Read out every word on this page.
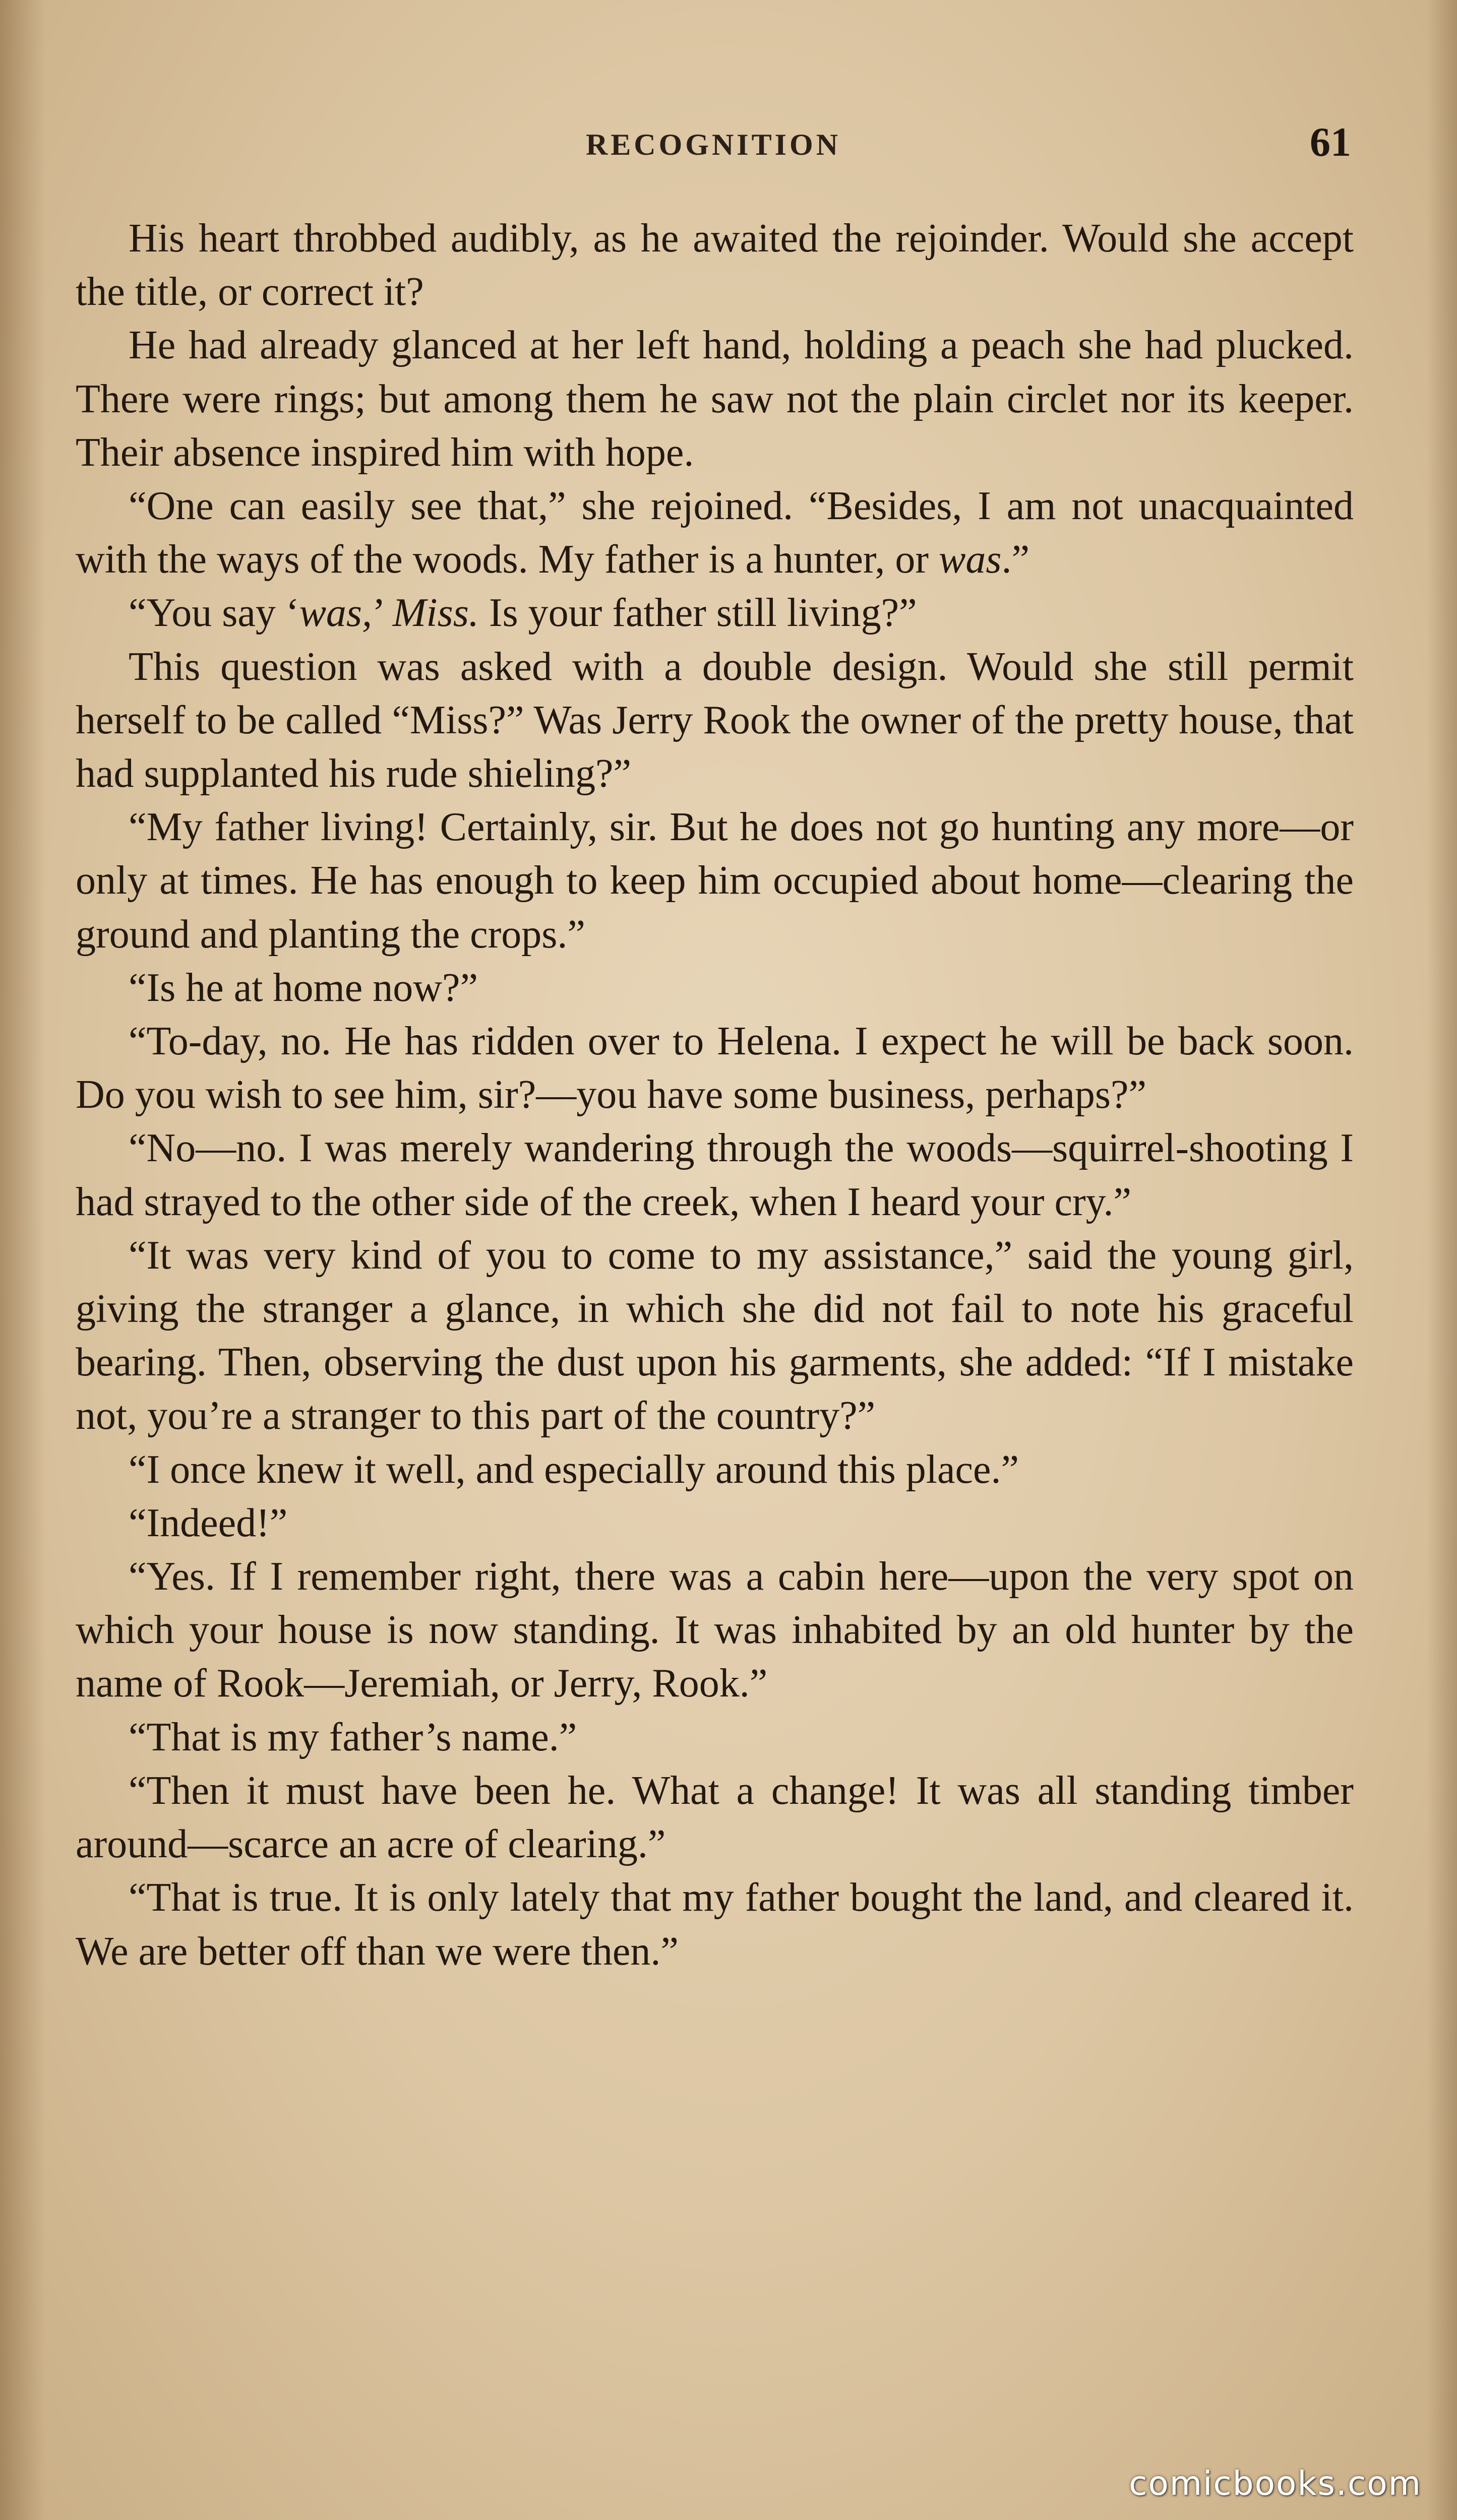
RECOGNITION	61

His heart throbbed audibly, as he awaited the rejoinder. Would she accept the title, or correct it?

He had already glanced at her left hand, holding a peach she had plucked. There were rings; but among them he saw not the plain circlet nor its keeper. Their absence inspired him with hope.

“One can easily see that,” she rejoined. “Besides, I am not unacquainted with the ways of the woods. My father is a hunter, or was.”

“You say ‘was,’ Miss. Is your father still living?”

This question was asked with a double design. Would she still permit herself to be called “Miss?” Was Jerry Rook the owner of the pretty house, that had supplanted his rude shieling?”

“My father living! Certainly, sir. But he does not go hunting any more—or only at times. He has enough to keep him occupied about home—clearing the ground and planting the crops.”

“Is he at home now?”

“To-day, no. He has ridden over to Helena. I expect he will be back soon. Do you wish to see him, sir?—you have some business, perhaps?”

“No—no. I was merely wandering through the woods—squirrel-shooting I had strayed to the other side of the creek, when I heard your cry.”

“It was very kind of you to come to my assistance,” said the young girl, giving the stranger a glance, in which she did not fail to note his graceful bearing. Then, observing the dust upon his garments, she added: “If I mistake not, you’re a stranger to this part of the country?”

“I once knew it well, and especially around this place.”

“Indeed!”

“Yes. If I remember right, there was a cabin here—upon the very spot on which your house is now standing. It was inhabited by an old hunter by the name of Rook—Jeremiah, or Jerry, Rook.”

“That is my father’s name.”

“Then it must have been he. What a change! It was all standing timber around—scarce an acre of clearing.”

“That is true. It is only lately that my father bought the land, and cleared it. We are better off than we were then.”

comicbooks.com
